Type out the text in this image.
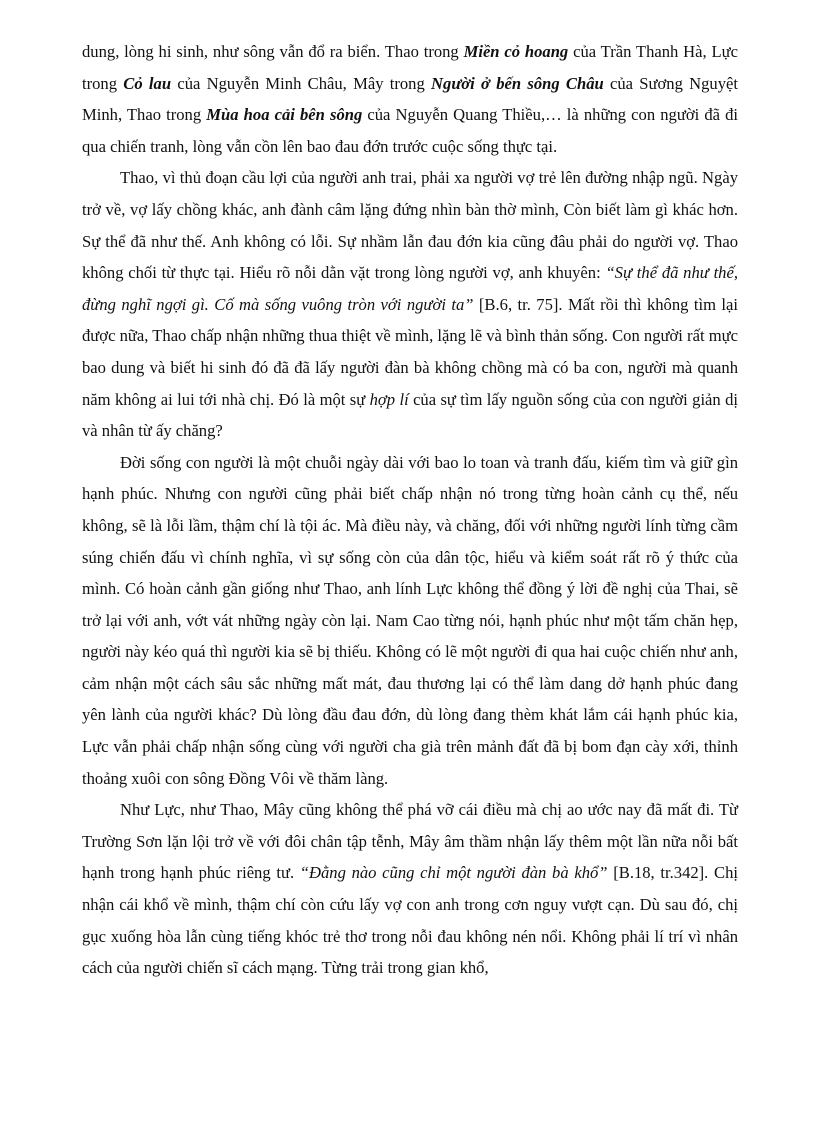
dung, lòng hi sinh, như sông vẫn đổ ra biển. Thao trong Miền cỏ hoang của Trần Thanh Hà, Lực trong Cỏ lau của Nguyễn Minh Châu, Mây trong Người ở bến sông Châu của Sương Nguyệt Minh, Thao trong Mùa hoa cải bên sông của Nguyễn Quang Thiều,… là những con người đã đi qua chiến tranh, lòng vẫn cồn lên bao đau đớn trước cuộc sống thực tại.

Thao, vì thủ đoạn cầu lợi của người anh trai, phải xa người vợ trẻ lên đường nhập ngũ. Ngày trở về, vợ lấy chồng khác, anh đành câm lặng đứng nhìn bàn thờ mình, Còn biết làm gì khác hơn. Sự thể đã như thế. Anh không có lỗi. Sự nhầm lẫn đau đớn kia cũng đâu phải do người vợ. Thao không chối từ thực tại. Hiểu rõ nỗi dằn vặt trong lòng người vợ, anh khuyên: “Sự thể đã như thế, đừng nghĩ ngợi gì. Cố mà sống vuông tròn với người ta” [B.6, tr. 75]. Mất rồi thì không tìm lại được nữa, Thao chấp nhận những thua thiệt về mình, lặng lẽ và bình thản sống. Con người rất mực bao dung và biết hi sinh đó đã đã lấy người đàn bà không chồng mà có ba con, người mà quanh năm không ai lui tới nhà chị. Đó là một sự hợp lí của sự tìm lấy nguồn sống của con người giản dị và nhân từ ấy chăng?

Đời sống con người là một chuỗi ngày dài với bao lo toan và tranh đấu, kiếm tìm và giữ gìn hạnh phúc. Nhưng con người cũng phải biết chấp nhận nó trong từng hoàn cảnh cụ thể, nếu không, sẽ là lỗi lầm, thậm chí là tội ác. Mà điều này, và chăng, đối với những người lính từng cầm súng chiến đấu vì chính nghĩa, vì sự sống còn của dân tộc, hiểu và kiểm soát rất rõ ý thức của mình. Có hoàn cảnh gần giống như Thao, anh lính Lực không thể đồng ý lời đề nghị của Thai, sẽ trở lại với anh, vớt vát những ngày còn lại. Nam Cao từng nói, hạnh phúc như một tấm chăn hẹp, người này kéo quá thì người kia sẽ bị thiếu. Không có lẽ một người đi qua hai cuộc chiến như anh, cảm nhận một cách sâu sắc những mất mát, đau thương lại có thể làm dang dở hạnh phúc đang yên lành của người khác? Dù lòng đầu đau đớn, dù lòng đang thèm khát lắm cái hạnh phúc kia, Lực vẫn phải chấp nhận sống cùng với người cha già trên mảnh đất đã bị bom đạn cày xới, thỉnh thoảng xuôi con sông Đồng Vôi về thăm làng.

Như Lực, như Thao, Mây cũng không thể phá vỡ cái điều mà chị ao ước nay đã mất đi. Từ Trường Sơn lặn lội trở về với đôi chân tập tễnh, Mây âm thầm nhận lấy thêm một lần nữa nỗi bất hạnh trong hạnh phúc riêng tư. “Đằng nào cũng chỉ một người đàn bà khổ” [B.18, tr.342]. Chị nhận cái khổ về mình, thậm chí còn cứu lấy vợ con anh trong cơn nguy vượt cạn. Dù sau đó, chị gục xuống hòa lẫn cùng tiếng khóc trẻ thơ trong nỗi đau không nén nổi. Không phải lí trí vì nhân cách của người chiến sĩ cách mạng. Từng trải trong gian khổ,
